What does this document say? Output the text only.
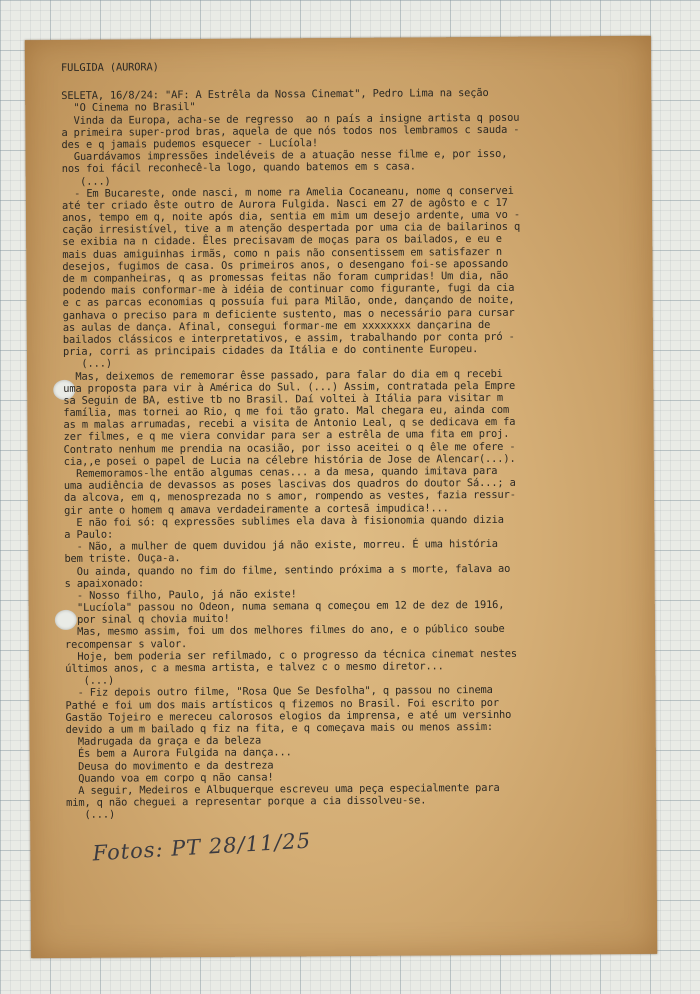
FULGIDA (AURORA)
SELETA, 16/8/24: "AF: A Estrêla da Nossa Cinemat", Pedro Lima na seção
"O Cinema no Brasil"
Vinda da Europa, acha-se de regresso  ao n país a insigne artista q posou
a primeira super-prod bras, aquela de que nós todos nos lembramos c sauda -
des e q jamais pudemos esquecer - Lucíola!
Guardávamos impressões indeléveis de a atuação nesse filme e, por isso,
nos foi fácil reconhecê-la logo, quando batemos em s casa.
(...)
- Em Bucareste, onde nasci, m nome ra Amelia Cocaneanu, nome q conservei
até ter criado êste outro de Aurora Fulgida. Nasci em 27 de agôsto e c 17
anos, tempo em q, noite após dia, sentia em mim um desejo ardente, uma vo -
cação irresistível, tive a m atenção despertada por uma cia de bailarinos q
se exibia na n cidade. Êles precisavam de moças para os bailados, e eu e
mais duas amiguinhas irmãs, como n pais não consentissem em satisfazer n
desejos, fugimos de casa. Os primeiros anos, o desengano foi-se apossando
de m companheiras, q as promessas feitas não foram cumpridas! Um dia, não
podendo mais conformar-me à idéia de continuar como figurante, fugi da cia
e c as parcas economias q possuía fui para Milão, onde, dançando de noite,
ganhava o preciso para m deficiente sustento, mas o necessário para cursar
as aulas de dança. Afinal, consegui formar-me em xxxxxxxx dançarina de
bailados clássicos e interpretativos, e assim, trabalhando por conta pró -
pria, corri as principais cidades da Itália e do continente Europeu.
(...)
Mas, deixemos de rememorar êsse passado, para falar do dia em q recebi
uma proposta para vir à América do Sul. (...) Assim, contratada pela Empre
sa Seguin de BA, estive tb no Brasil. Daí voltei à Itália para visitar m
família, mas tornei ao Rio, q me foi tão grato. Mal chegara eu, ainda com
as m malas arrumadas, recebi a visita de Antonio Leal, q se dedicava em fa
zer filmes, e q me viera convidar para ser a estrêla de uma fita em proj.
Contrato nenhum me prendia na ocasião, por isso aceitei o q êle me ofere -
cia,,e posei o papel de Lucia na célebre história de Jose de Alencar(...).
Rememoramos-lhe então algumas cenas... a da mesa, quando imitava para
uma audiência de devassos as poses lascivas dos quadros do doutor Sá...; a
da alcova, em q, menosprezada no s amor, rompendo as vestes, fazia ressur-
gir ante o homem q amava verdadeiramente a cortesã impudica!...
E não foi só: q expressões sublimes ela dava à fisionomia quando dizia
a Paulo:
- Não, a mulher de quem duvidou já não existe, morreu. É uma história
bem triste. Ouça-a.
Ou ainda, quando no fim do filme, sentindo próxima a s morte, falava ao
s apaixonado:
- Nosso filho, Paulo, já não existe!
"Lucíola" passou no Odeon, numa semana q começou em 12 de dez de 1916,
por sinal q chovia muito!
Mas, mesmo assim, foi um dos melhores filmes do ano, e o público soube
recompensar s valor.
Hoje, bem poderia ser refilmado, c o progresso da técnica cinemat nestes
últimos anos, c a mesma artista, e talvez c o mesmo diretor...
(...)
- Fiz depois outro filme, "Rosa Que Se Desfolha", q passou no cinema
Pathé e foi um dos mais artísticos q fizemos no Brasil. Foi escrito por
Gastão Tojeiro e mereceu calorosos elogios da imprensa, e até um versinho
devido a um m bailado q fiz na fita, e q começava mais ou menos assim:
Madrugada da graça e da beleza
És bem a Aurora Fulgida na dança...
Deusa do movimento e da destreza
Quando voa em corpo q não cansa!
A seguir, Medeiros e Albuquerque escreveu uma peça especialmente para
mim, q não cheguei a representar porque a cia dissolveu-se.
(...)
Fotos: PT 28/11/25
